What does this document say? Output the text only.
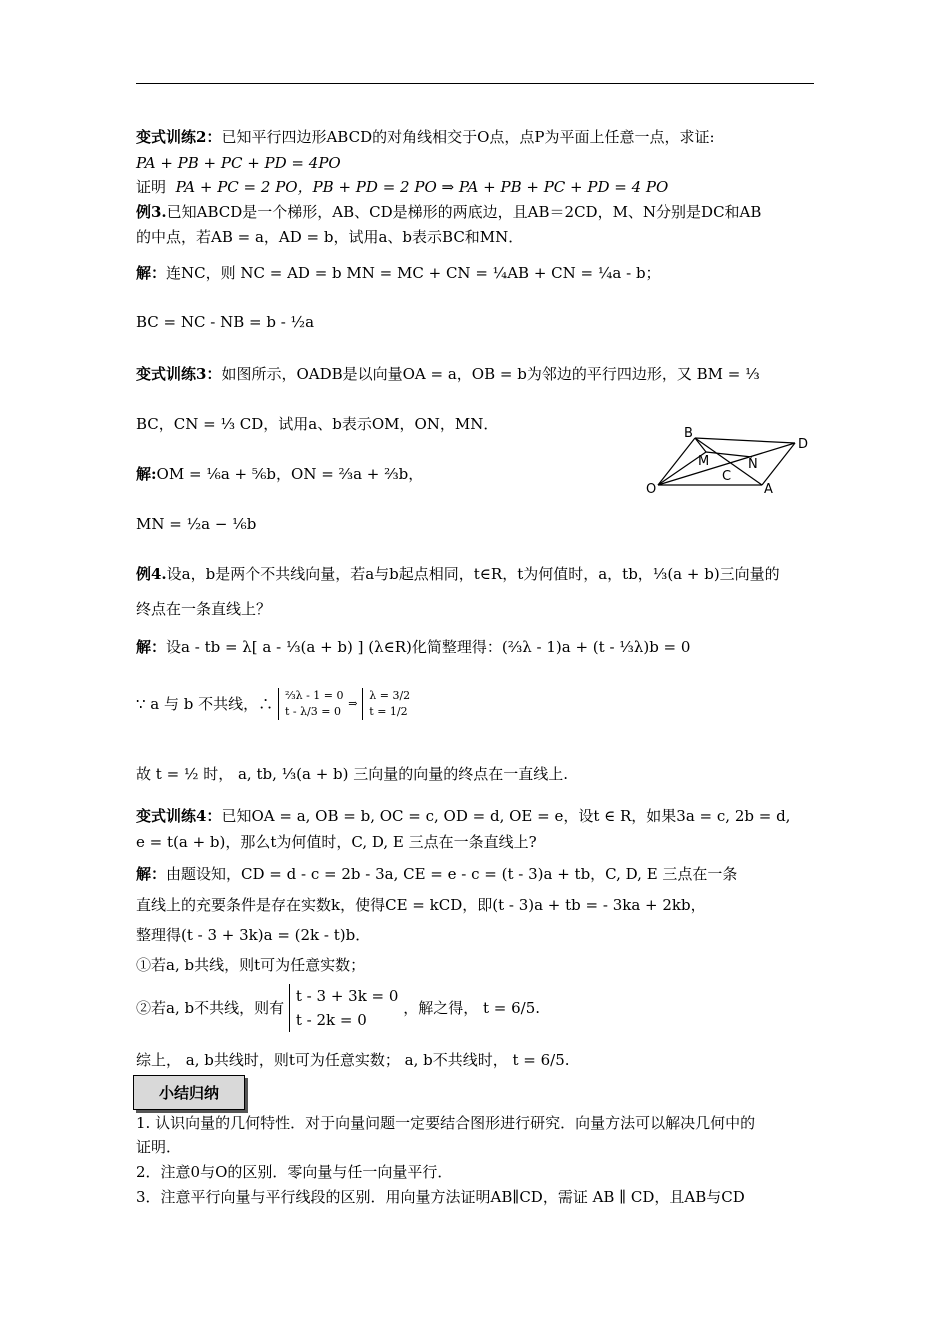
变式训练2：已知平行四边形ABCD的对角线相交于O点，点P为平面上任意一点，求证:
PA + PB + PC + PD = 4PO
证明 PA + PC = 2 PO，PB + PD = 2 PO ⇒ PA + PB + PC + PD = 4 PO
例3.已知ABCD是一个梯形，AB、CD是梯形的两底边，且AB＝2CD，M、N分别是DC和AB
的中点，若AB = a，AD = b，试用a、b表示BC和MN．
解：连NC，则 NC = AD = b MN = MC + CN = ¼AB + CN = ¼a - b；
BC = NC - NB = b - ½a
变式训练3：如图所示，OADB是以向量OA = a，OB = b为邻边的平行四边形，又 BM = ⅓
BC，CN = ⅓ CD，试用a、b表示OM，ON，MN．
解:OM = ⅙a + ⅚b，ON = ⅔a + ⅔b，
MN = ½a − ⅙b
B
D
M	N
C
O	A
例4.设a，b是两个不共线向量，若a与b起点相同，t∈R，t为何值时，a，tb，⅓(a + b)三向量的
终点在一条直线上？
解：设a - tb = λ[ a - ⅓(a + b) ] (λ∈R)化简整理得：(⅔λ - 1)a + (t - ⅓λ)b = 0
∵ a 与 b 不共线，∴ ⅔λ - 1 = 0
t - λ/3 = 0
⇒
λ = 3/2
t = 1/2
故 t = ½ 时， a, tb, ⅓(a + b) 三向量的向量的终点在一直线上.
变式训练4：已知OA = a, OB = b, OC = c, OD = d, OE = e，设t ∈ R，如果3a = c, 2b = d,
e = t(a + b)，那么t为何值时，C, D, E 三点在一条直线上?
解：由题设知，CD = d - c = 2b - 3a, CE = e - c = (t - 3)a + tb，C, D, E 三点在一条
直线上的充要条件是存在实数k，使得CE = kCD，即(t - 3)a + tb = - 3ka + 2kb，
整理得(t - 3 + 3k)a = (2k - t)b．
①若a, b共线，则t可为任意实数；
②若a, b不共线，则有
t - 3 + 3k = 0
t - 2k = 0
，解之得， t = 6/5.
综上， a, b共线时，则t可为任意实数； a, b不共线时， t = 6/5.
小结归纳
1. 认识向量的几何特性．对于向量问题一定要结合图形进行研究．向量方法可以解决几何中的
证明．
2．注意0与O的区别．零向量与任一向量平行．
3．注意平行向量与平行线段的区别．用向量方法证明AB∥CD，需证 AB ∥ CD，且AB与CD
